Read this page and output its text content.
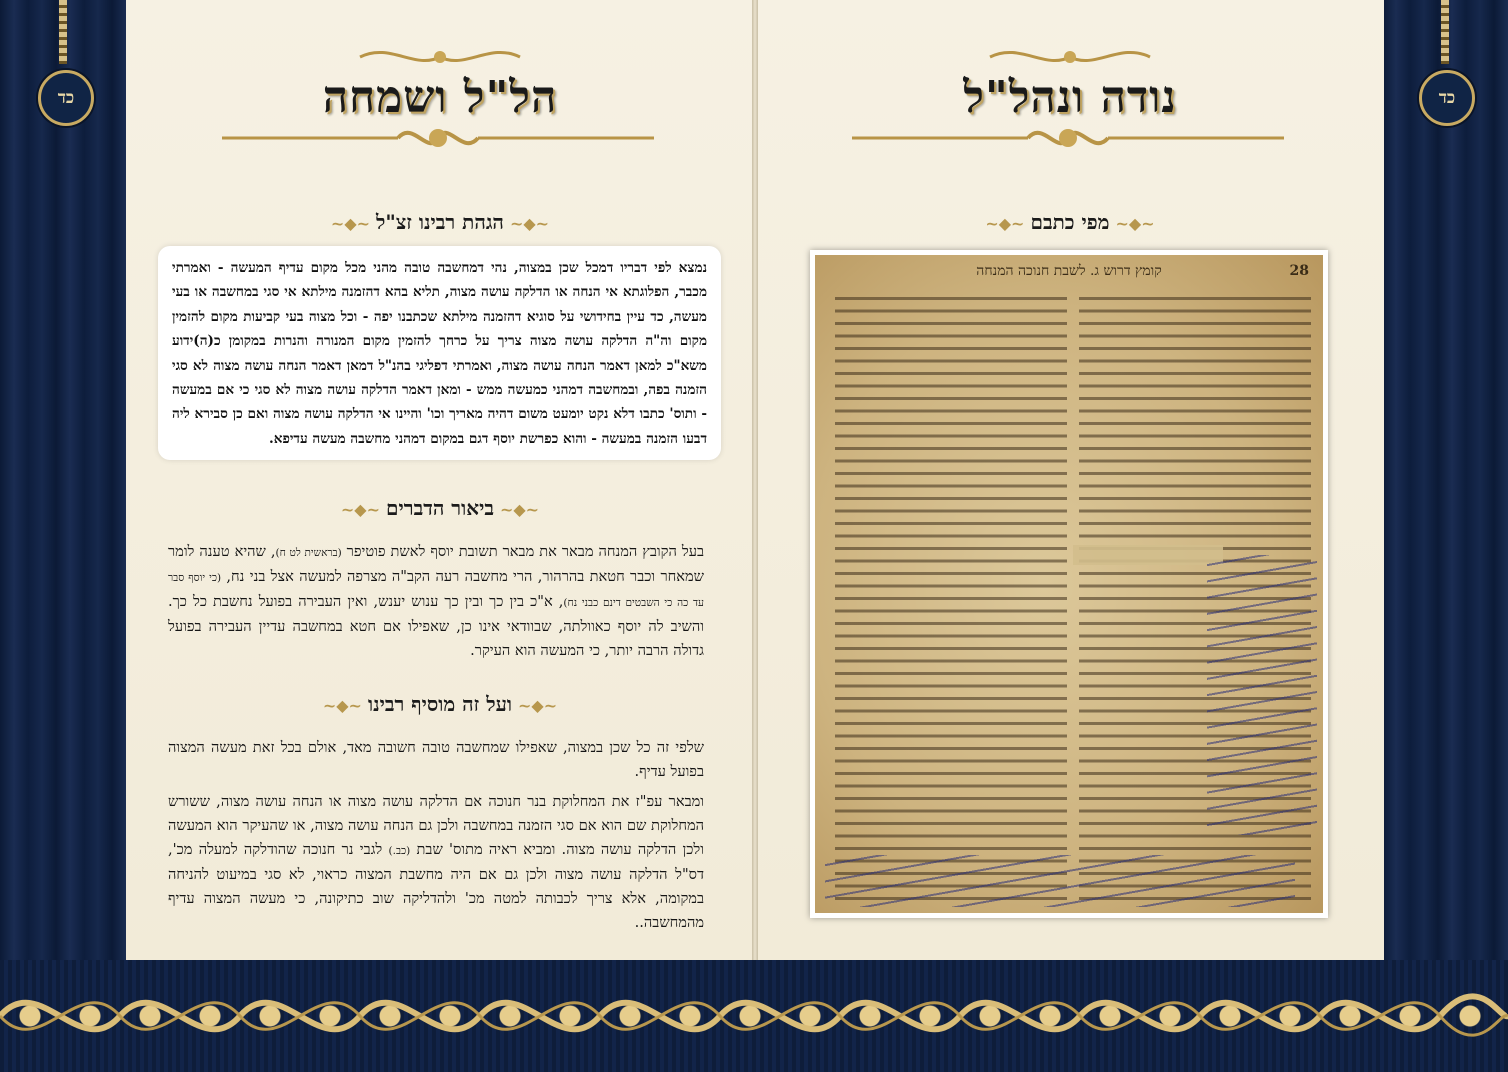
כד	כד
הל"ל ושמחה
~◆~הגהת רבינו זצ"ל~◆~

נמצא לפי דבריו דמכל שכן במצוה, נהי דמחשבה טובה מהני מכל מקום עדיף המעשה - ואמרתי מכבר, הפלוגתא אי הנחה או הדלקה עושה מצוה, תליא בהא דהזמנה מילתא אי סגי במחשבה או בעי מעשה, כד עיין בחידושי על סוגיא דהזמנה מילתא שכתבנו יפה - וכל מצוה בעי קביעות מקום להזמין מקום וה"ה הדלקה עושה מצוה צריך על כרחך להזמין מקום המנורה והנרות במקומן כ(ה)ידוע משא"כ למאן דאמר הנחה עושה מצוה, ואמרתי דפליגי בהנ"ל דמאן דאמר הנחה עושה מצוה לא סגי הזמנה בפה, ובמחשבה דמהני כמעשה ממש - ומאן דאמר הדלקה עושה מצוה לא סגי כי אם במעשה - ותוס' כתבו דלא נקט יומעט משום דהיה מאריך וכו' והיינו אי הדלקה עושה מצוה ואם כן סבירא ליה דבעו הזמנה במעשה - והוא כפרשת יוסף דגם במקום דמהני מחשבה מעשה עדיפא.

~◆~ביאור הדברים~◆~

בעל הקובץ המנחה מבאר את מבאר תשובת יוסף לאשת פוטיפר (בראשית לט ח), שהיא טענה לומר שמאחר וכבר חטאת בהרהור, הרי מחשבה רעה הקב"ה מצרפה למעשה אצל בני נח, (כי יוסף סבר עד כה כי השבטים דינם כבני נח), א"כ בין כך ובין כך ענוש יענש, ואין העבירה בפועל נחשבת כל כך. והשיב לה יוסף כאוולתה, שבוודאי אינו כן, שאפילו אם חטא במחשבה עדיין העבירה בפועל גדולה הרבה יותר, כי המעשה הוא העיקר.

~◆~ועל זה מוסיף רבינו~◆~

שלפי זה כל שכן במצוה, שאפילו שמחשבה טובה חשובה מאד, אולם בכל זאת מעשה המצוה בפועל עדיף.

ומבאר עפ"ז את המחלוקת בנר חנוכה אם הדלקה עושה מצוה או הנחה עושה מצוה, ששורש המחלוקת שם הוא אם סגי הזמנה במחשבה ולכן גם הנחה עושה מצוה, או שהעיקר הוא המעשה ולכן הדלקה עושה מצוה. ומביא ראיה מתוס' שבת (כב.) לגבי נר חנוכה שהודלקה למעלה מכ', דס"ל הדלקה עושה מצוה ולכן גם אם היה מחשבת המצוה כראוי, לא סגי במיעוט להניחה במקומה, אלא צריך לכבותה למטה מכ' ולהדליקה שוב כתיקונה, כי מעשה המצוה עדיף מהמחשבה..

נודה ונהל"ל
~◆~מפי כתבם~◆~
קומץ דרוש ג. לשבת חנוכה המנחה	28
